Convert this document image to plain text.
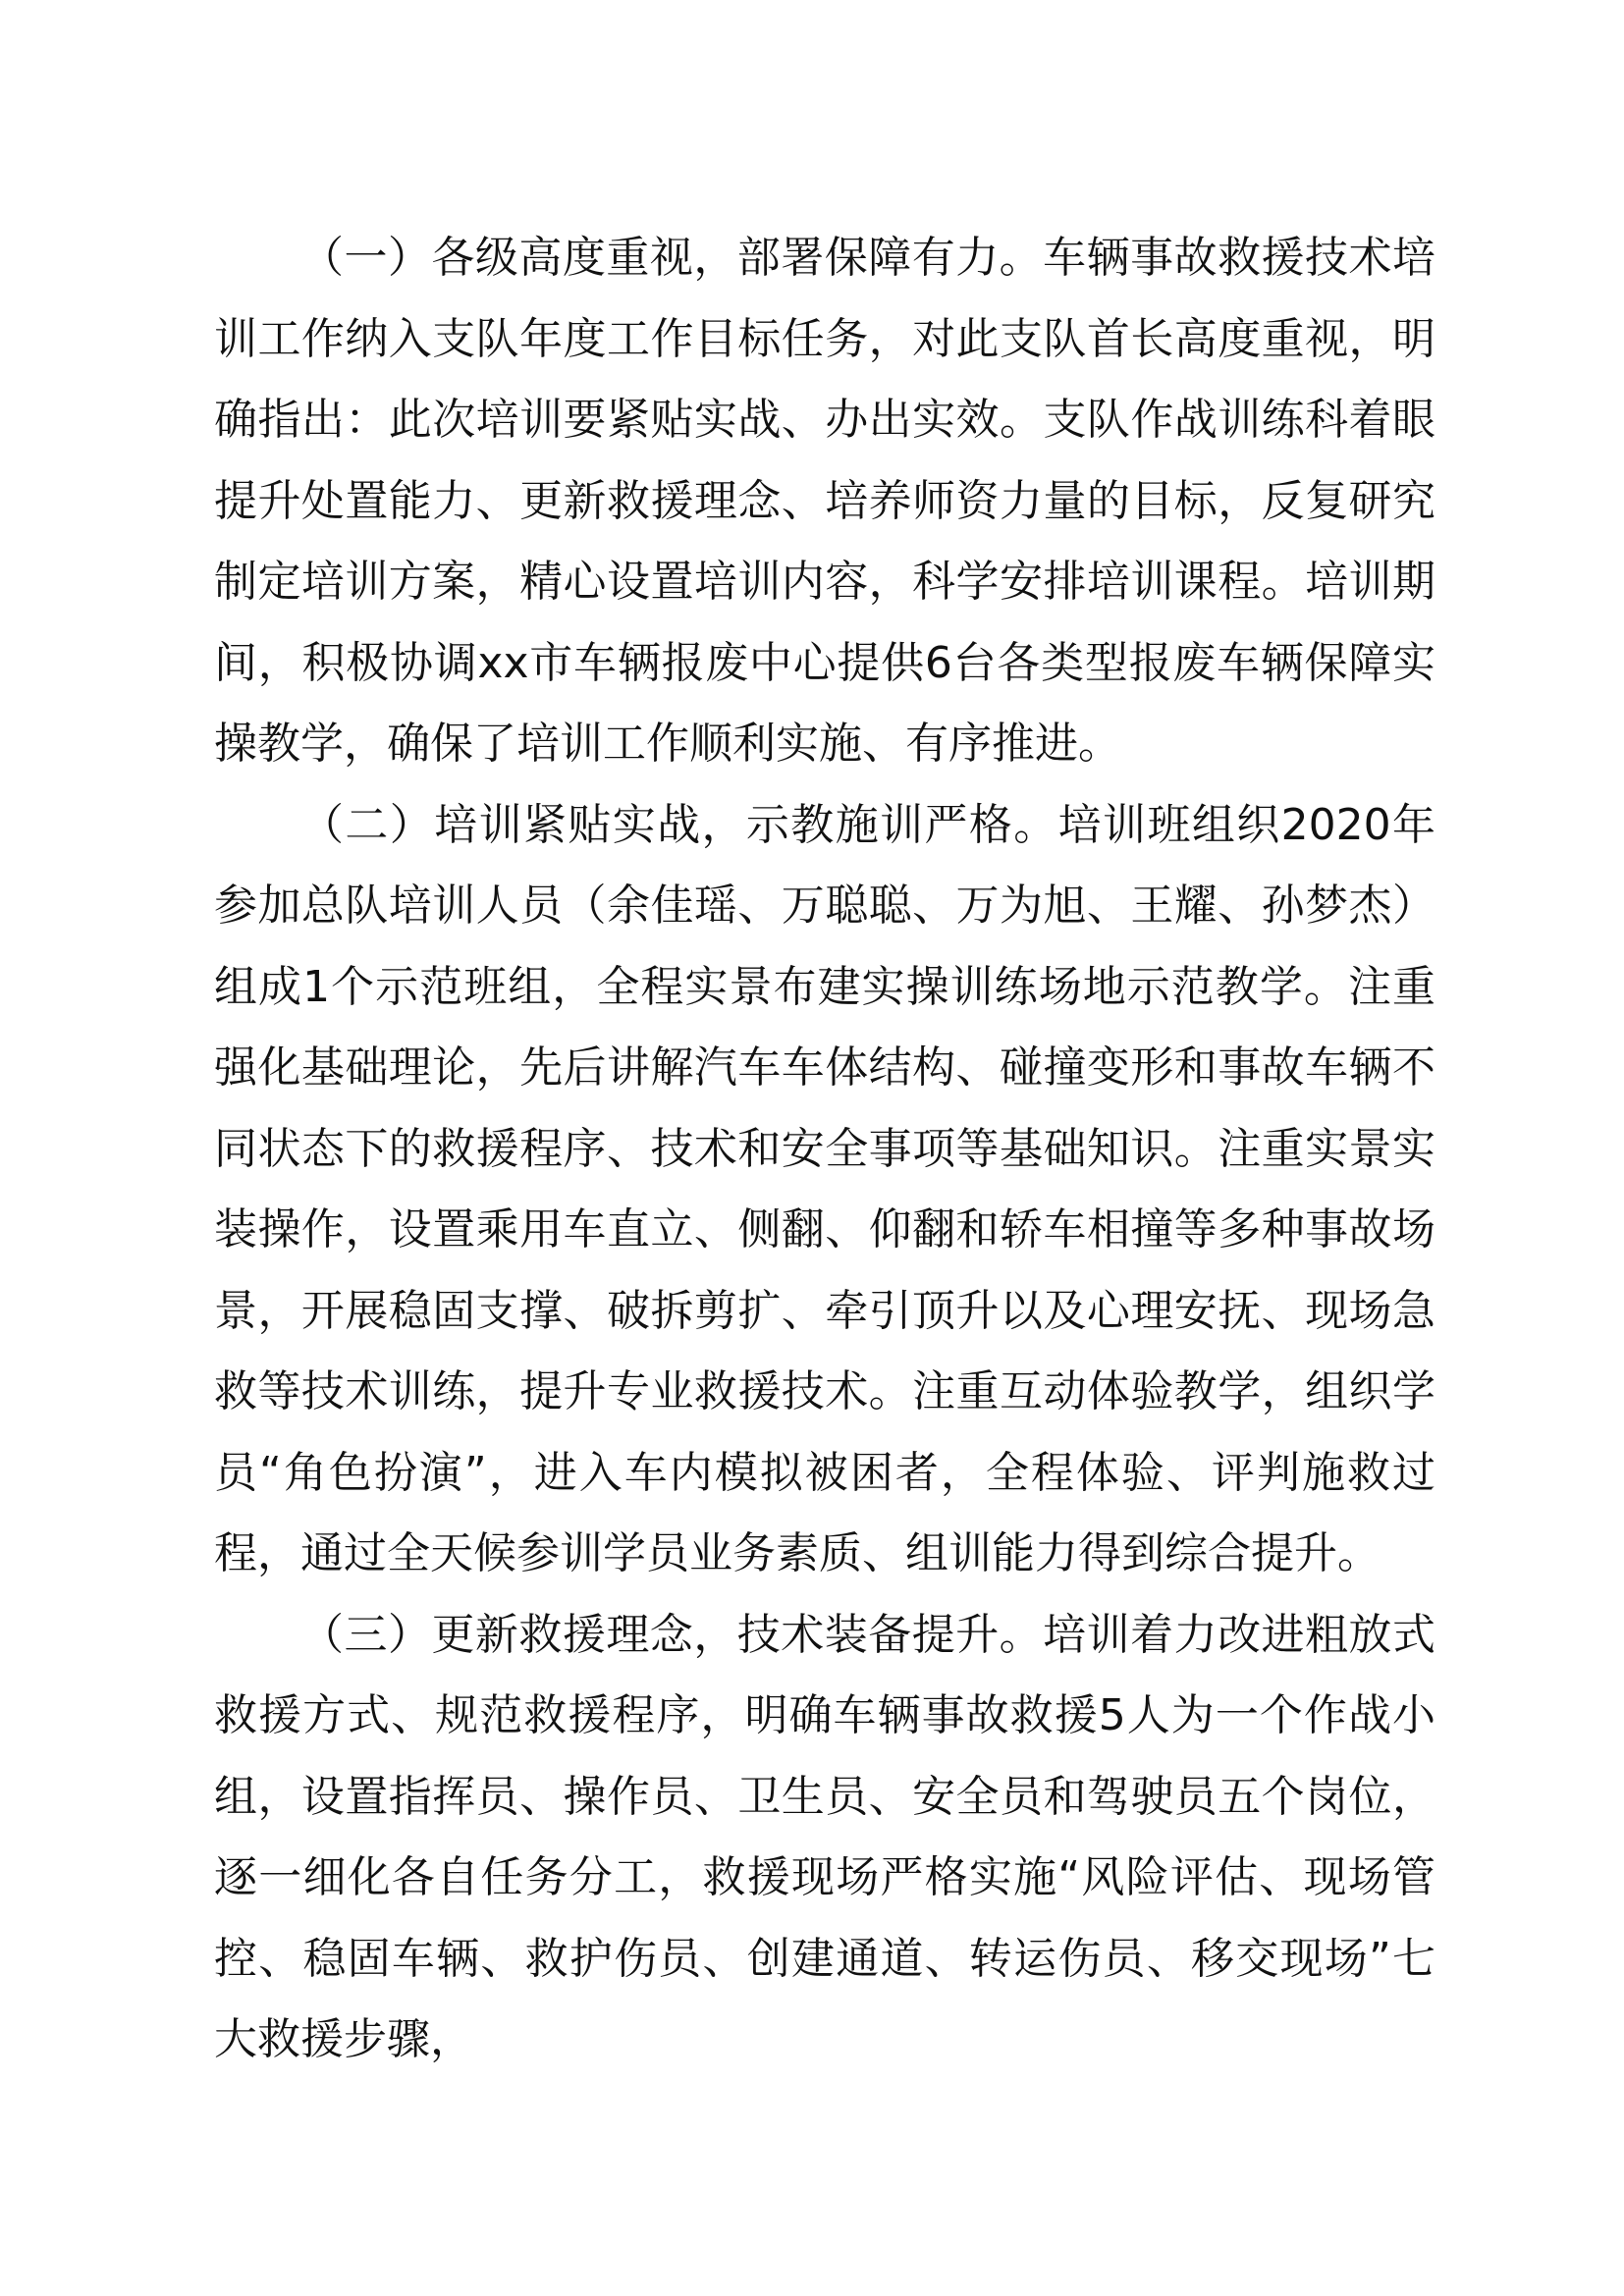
（一）各级高度重视，部署保障有力。车辆事故救援技术培训工作纳入支队年度工作目标任务，对此支队首长高度重视，明确指出：此次培训要紧贴实战、办出实效。支队作战训练科着眼提升处置能力、更新救援理念、培养师资力量的目标，反复研究制定培训方案，精心设置培训内容，科学安排培训课程。培训期间，积极协调xx市车辆报废中心提供6台各类型报废车辆保障实操教学，确保了培训工作顺利实施、有序推进。

（二）培训紧贴实战，示教施训严格。培训班组织2020年参加总队培训人员（余佳瑶、万聪聪、万为旭、王耀、孙梦杰）组成1个示范班组，全程实景布建实操训练场地示范教学。注重强化基础理论，先后讲解汽车车体结构、碰撞变形和事故车辆不同状态下的救援程序、技术和安全事项等基础知识。注重实景实装操作，设置乘用车直立、侧翻、仰翻和轿车相撞等多种事故场景，开展稳固支撑、破拆剪扩、牵引顶升以及心理安抚、现场急救等技术训练，提升专业救援技术。注重互动体验教学，组织学员“角色扮演”，进入车内模拟被困者，全程体验、评判施救过程，通过全天候参训学员业务素质、组训能力得到综合提升。

（三）更新救援理念，技术装备提升。培训着力改进粗放式救援方式、规范救援程序，明确车辆事故救援5人为一个作战小组，设置指挥员、操作员、卫生员、安全员和驾驶员五个岗位，逐一细化各自任务分工，救援现场严格实施“风险评估、现场管控、稳固车辆、救护伤员、创建通道、转运伤员、移交现场”七大救援步骤，
